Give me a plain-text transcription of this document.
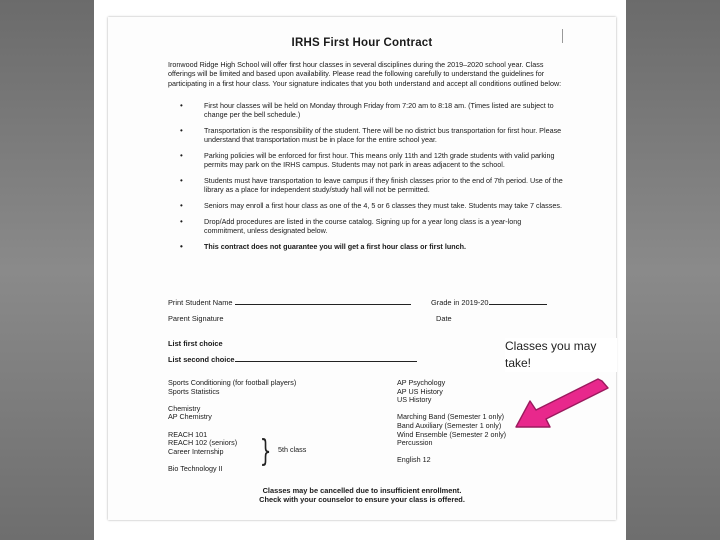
IRHS First Hour Contract
Ironwood Ridge High School will offer first hour classes in several disciplines during the 2019–2020 school year. Class offerings will be limited and based upon availability. Please read the following carefully to understand the guidelines for participating in a first hour class. Your signature indicates that you both understand and accept all conditions outlined below:
•	First hour classes will be held on Monday through Friday from 7:20 am to 8:18 am. (Times listed are subject to change per the bell schedule.)
•	Transportation is the responsibility of the student. There will be no district bus transportation for first hour. Please understand that transportation must be in place for the entire school year.
•	Parking policies will be enforced for first hour. This means only 11th and 12th grade students with valid parking permits may park on the IRHS campus. Students may not park in areas adjacent to the school.
•	Students must have transportation to leave campus if they finish classes prior to the end of 7th period. Use of the library as a place for independent study/study hall will not be permitted.
•	Seniors may enroll a first hour class as one of the 4, 5 or 6 classes they must take. Students may take 7 classes.
•	Drop/Add procedures are listed in the course catalog. Signing up for a year long class is a year-long commitment, unless designated below.
•	This contract does not guarantee you will get a first hour class or first lunch.
Print Student Name	Grade in 2019-20
Parent Signature	Date
List first choice
List second choice
Sports Conditioning (for football players)
Sports Statistics
Chemistry
AP Chemistry
REACH 101
REACH 102 (seniors)
Career Internship
Bio Technology II	} 5th class
AP Psychology
AP US History
US History
Marching Band (Semester 1 only)
Band Auxiliary (Semester 1 only)
Wind Ensemble (Semester 2 only)
Percussion
English 12
Classes may be cancelled due to insufficient enrollment.
Check with your counselor to ensure your class is offered.
Classes you may take!
